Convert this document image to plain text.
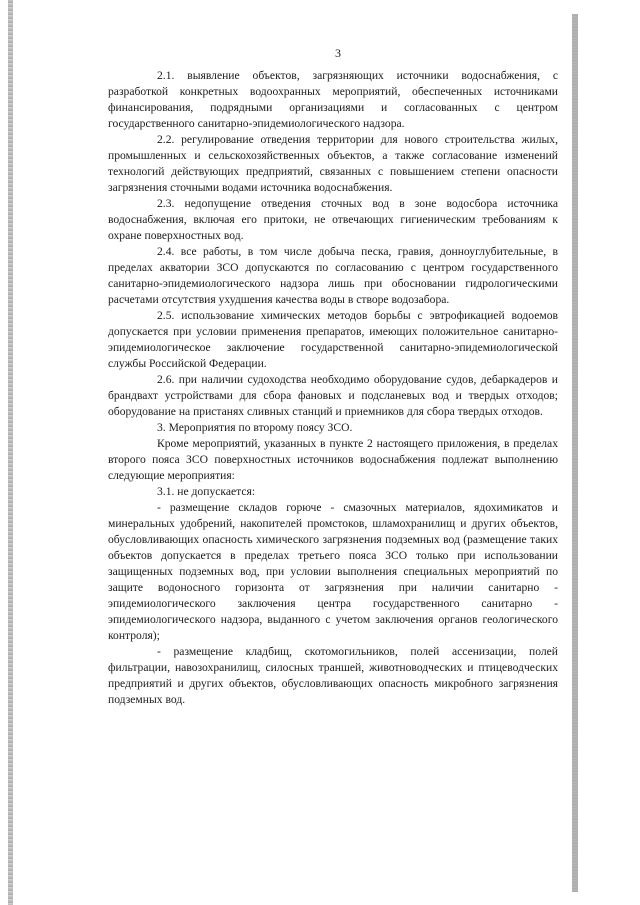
3

2.1. выявление объектов, загрязняющих источники водоснабжения, с разработкой конкретных водоохранных мероприятий, обеспеченных источниками финансирования, подрядными организациями и согласованных с центром государственного санитарно-эпидемиологического надзора.

2.2. регулирование отведения территории для нового строительства жилых, промышленных и сельскохозяйственных объектов, а также согласование изменений технологий действующих предприятий, связанных с повышением степени опасности загрязнения сточными водами источника водоснабжения.

2.3. недопущение отведения сточных вод в зоне водосбора источника водоснабжения, включая его притоки, не отвечающих гигиеническим требованиям к охране поверхностных вод.

2.4. все работы, в том числе добыча песка, гравия, донноуглубительные, в пределах акватории ЗСО допускаются по согласованию с центром государственного санитарно-эпидемиологического надзора лишь при обосновании гидрологическими расчетами отсутствия ухудшения качества воды в створе водозабора.

2.5. использование химических методов борьбы с эвтрофикацией водоемов допускается при условии применения препаратов, имеющих положительное санитарно-эпидемиологическое заключение государственной санитарно-эпидемиологической службы Российской Федерации.

2.6. при наличии судоходства необходимо оборудование судов, дебаркадеров и брандвахт устройствами для сбора фановых и подсланевых вод и твердых отходов; оборудование на пристанях сливных станций и приемников для сбора твердых отходов.

3. Мероприятия по второму поясу ЗСО.

Кроме мероприятий, указанных в пункте 2 настоящего приложения, в пределах второго пояса ЗСО поверхностных источников водоснабжения подлежат выполнению следующие мероприятия:

3.1. не допускается:

- размещение складов горюче - смазочных материалов, ядохимикатов и минеральных удобрений, накопителей промстоков, шламохранилищ и других объектов, обусловливающих опасность химического загрязнения подземных вод (размещение таких объектов допускается в пределах третьего пояса ЗСО только при использовании защищенных подземных вод, при условии выполнения специальных мероприятий по защите водоносного горизонта от загрязнения при наличии санитарно - эпидемиологического заключения центра государственного санитарно - эпидемиологического надзора, выданного с учетом заключения органов геологического контроля);

- размещение кладбищ, скотомогильников, полей ассенизации, полей фильтрации, навозохранилищ, силосных траншей, животноводческих и птицеводческих предприятий и других объектов, обусловливающих опасность микробного загрязнения подземных вод.
